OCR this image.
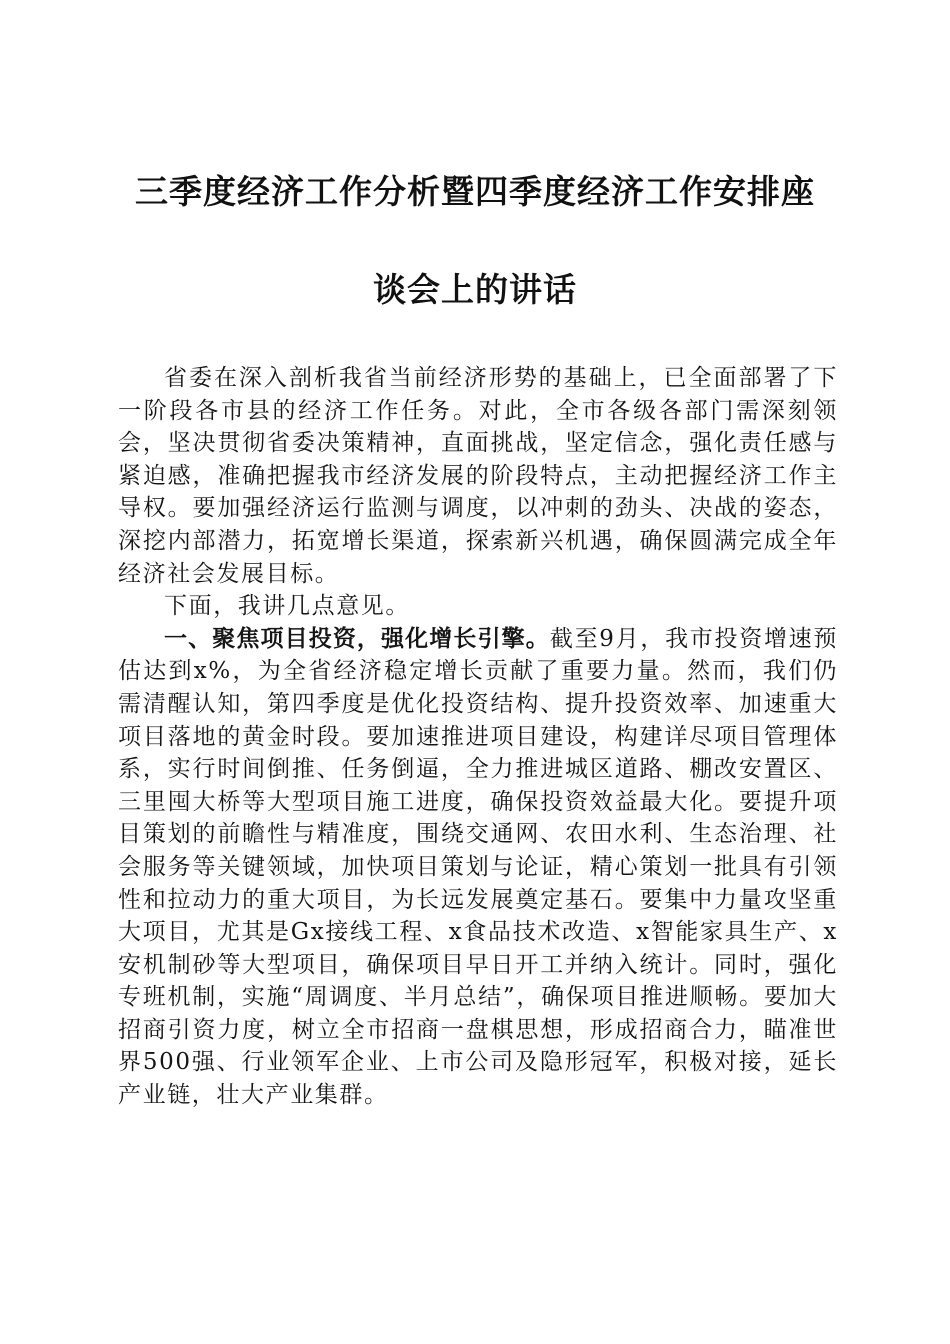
三季度经济工作分析暨四季度经济工作安排座
谈会上的讲话

省委在深入剖析我省当前经济形势的基础上，已全面部署了下一阶段各市县的经济工作任务。对此，全市各级各部门需深刻领会，坚决贯彻省委决策精神，直面挑战，坚定信念，强化责任感与紧迫感，准确把握我市经济发展的阶段特点，主动把握经济工作主导权。要加强经济运行监测与调度，以冲刺的劲头、决战的姿态，深挖内部潜力，拓宽增长渠道，探索新兴机遇，确保圆满完成全年经济社会发展目标。

下面，我讲几点意见。

一、聚焦项目投资，强化增长引擎。截至9月，我市投资增速预估达到x%，为全省经济稳定增长贡献了重要力量。然而，我们仍需清醒认知，第四季度是优化投资结构、提升投资效率、加速重大项目落地的黄金时段。要加速推进项目建设，构建详尽项目管理体系，实行时间倒推、任务倒逼，全力推进城区道路、棚改安置区、三里囤大桥等大型项目施工进度，确保投资效益最大化。要提升项目策划的前瞻性与精准度，围绕交通网、农田水利、生态治理、社会服务等关键领域，加快项目策划与论证，精心策划一批具有引领性和拉动力的重大项目，为长远发展奠定基石。要集中力量攻坚重大项目，尤其是Gx接线工程、x食品技术改造、x智能家具生产、x安机制砂等大型项目，确保项目早日开工并纳入统计。同时，强化专班机制，实施“周调度、半月总结”，确保项目推进顺畅。要加大招商引资力度，树立全市招商一盘棋思想，形成招商合力，瞄准世界500强、行业领军企业、上市公司及隐形冠军，积极对接，延长产业链，壮大产业集群。
